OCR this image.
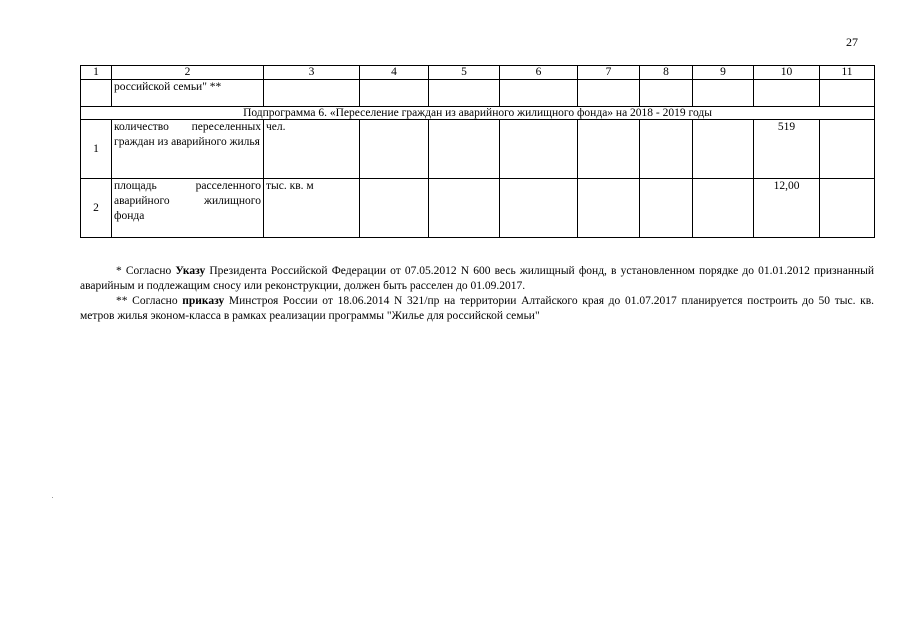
27
1	2	3	4	5	6	7	8	9	10	11
	российской семьи" **									
Подпрограмма 6. «Переселение граждан из аварийного жилищного фонда» на 2018 - 2019 годы										
1	количество переселенных граждан из аварийного жилья	чел.							519	
2	площадь расселенного аварийного жилищного фонда	тыс. кв. м							12,00	

* Согласно Указу Президента Российской Федерации от 07.05.2012 N 600 весь жилищный фонд, в установленном порядке до 01.01.2012 признанный аварийным и подлежащим сносу или реконструкции, должен быть расселен до 01.09.2017.

** Согласно приказу Минстроя России от 18.06.2014 N 321/пр на территории Алтайского края до 01.07.2017 планируется построить до 50 тыс. кв. метров жилья эконом-класса в рамках реализации программы "Жилье для российской семьи"
